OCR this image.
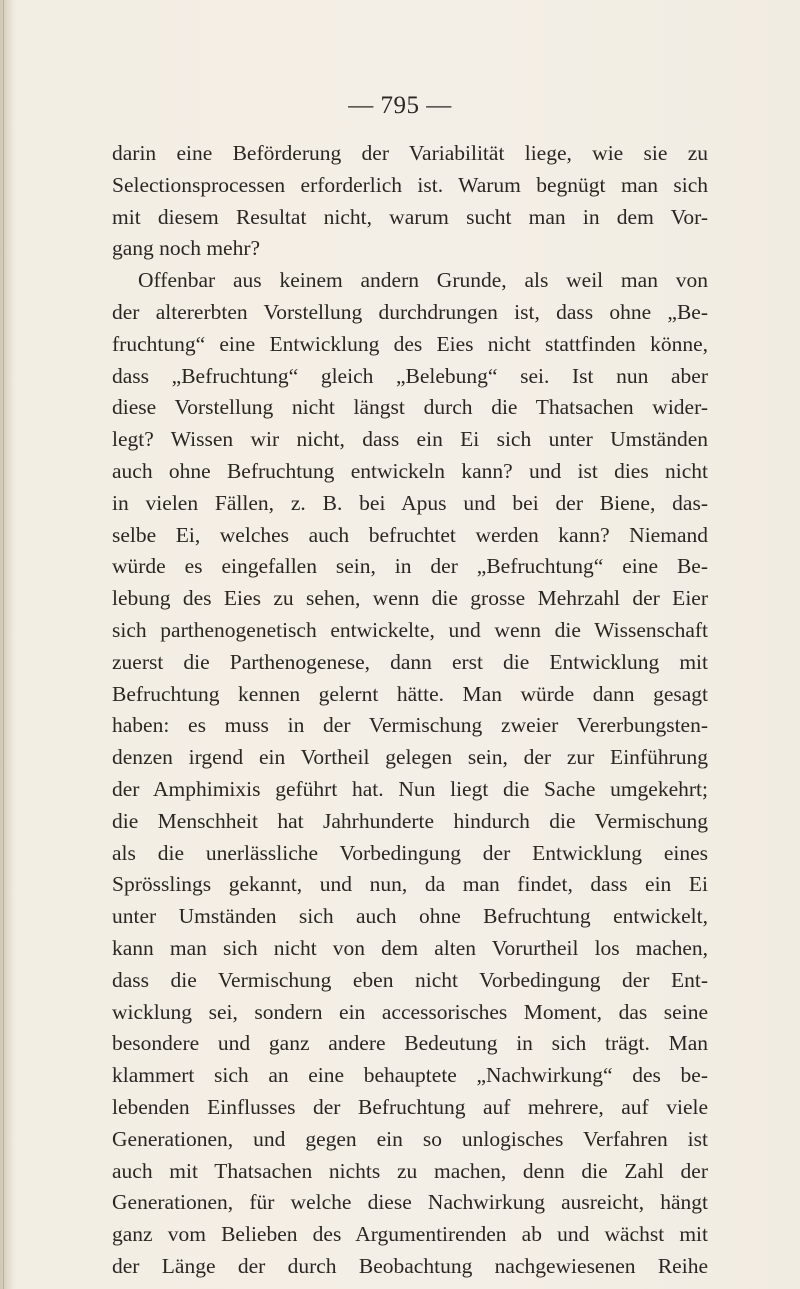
— 795 —
darin eine Beförderung der Variabilität liege, wie sie zu
Selectionsprocessen erforderlich ist. Warum begnügt man sich
mit diesem Resultat nicht, warum sucht man in dem Vor-
gang noch mehr?
Offenbar aus keinem andern Grunde, als weil man von
der altererbten Vorstellung durchdrungen ist, dass ohne „Be-
fruchtung“ eine Entwicklung des Eies nicht stattfinden könne,
dass „Befruchtung“ gleich „Belebung“ sei. Ist nun aber
diese Vorstellung nicht längst durch die Thatsachen wider-
legt? Wissen wir nicht, dass ein Ei sich unter Umständen
auch ohne Befruchtung entwickeln kann? und ist dies nicht
in vielen Fällen, z. B. bei Apus und bei der Biene, das-
selbe Ei, welches auch befruchtet werden kann? Niemand
würde es eingefallen sein, in der „Befruchtung“ eine Be-
lebung des Eies zu sehen, wenn die grosse Mehrzahl der Eier
sich parthenogenetisch entwickelte, und wenn die Wissenschaft
zuerst die Parthenogenese, dann erst die Entwicklung mit
Befruchtung kennen gelernt hätte. Man würde dann gesagt
haben: es muss in der Vermischung zweier Vererbungsten-
denzen irgend ein Vortheil gelegen sein, der zur Einführung
der Amphimixis geführt hat. Nun liegt die Sache umgekehrt;
die Menschheit hat Jahrhunderte hindurch die Vermischung
als die unerlässliche Vorbedingung der Entwicklung eines
Sprösslings gekannt, und nun, da man findet, dass ein Ei
unter Umständen sich auch ohne Befruchtung entwickelt,
kann man sich nicht von dem alten Vorurtheil los machen,
dass die Vermischung eben nicht Vorbedingung der Ent-
wicklung sei, sondern ein accessorisches Moment, das seine
besondere und ganz andere Bedeutung in sich trägt. Man
klammert sich an eine behauptete „Nachwirkung“ des be-
lebenden Einflusses der Befruchtung auf mehrere, auf viele
Generationen, und gegen ein so unlogisches Verfahren ist
auch mit Thatsachen nichts zu machen, denn die Zahl der
Generationen, für welche diese Nachwirkung ausreicht, hängt
ganz vom Belieben des Argumentirenden ab und wächst mit
der Länge der durch Beobachtung nachgewiesenen Reihe
